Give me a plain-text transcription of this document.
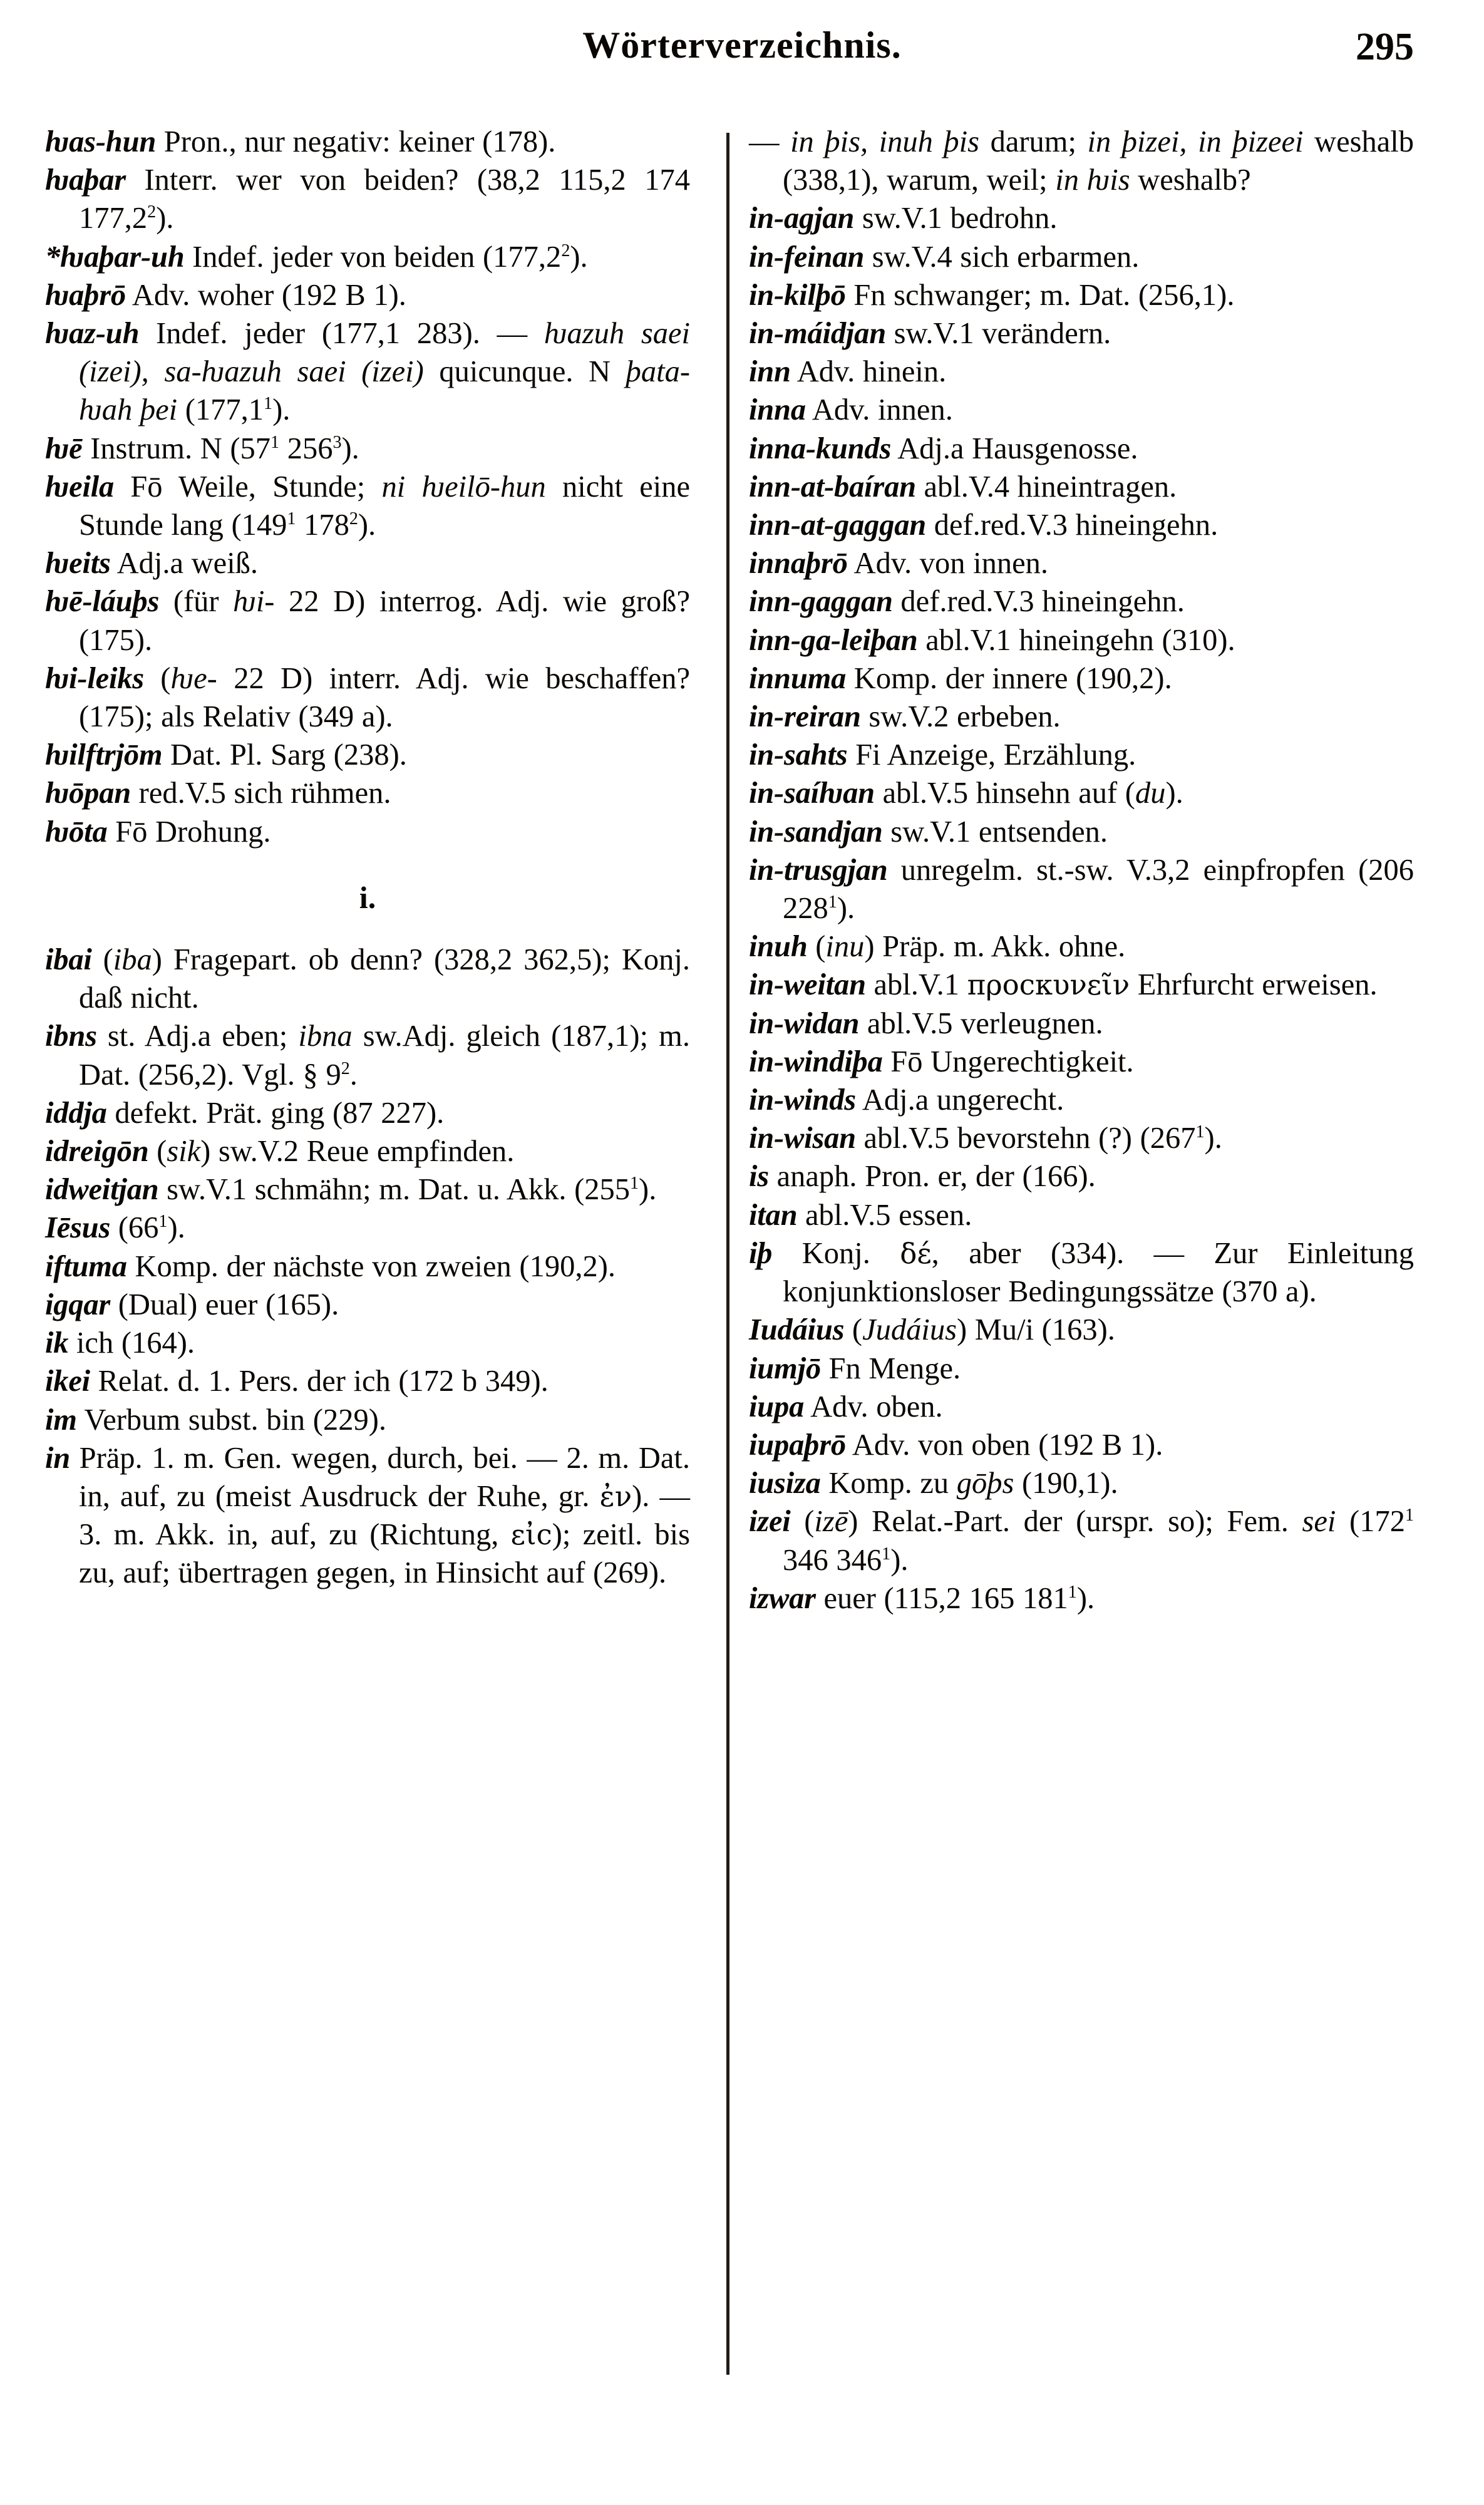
Wörterverzeichnis.	295

ƕas-hun Pron., nur negativ: keiner (178).

ƕaþar Interr. wer von beiden? (38,2 115,2 174 177,2$^2$).

*ƕaþar-uh Indef. jeder von beiden (177,2$^2$).

ƕaþrō Adv. woher (192 B 1).

ƕaz-uh Indef. jeder (177,1 283). — ƕazuh saei (izei), sa-ƕazuh saei (izei) quicunque. N þata-ƕah þei (177,1$^1$).

ƕē Instrum. N ($57^1$ $256^3$).

ƕeila Fō Weile, Stunde; ni ƕeilō-hun nicht eine Stunde lang ($149^1$ $178^2$).

ƕeits Adj.a weiß.

ƕē-láuþs (für ƕi- 22 D) interrog. Adj. wie groß? (175).

ƕi-leiks (ƕe- 22 D) interr. Adj. wie beschaffen? (175); als Relativ (349 a).

ƕilftrjōm Dat. Pl. Sarg (238).

ƕōpan red.V.5 sich rühmen.

ƕōta Fō Drohung.

i.

ibai (iba) Fragepart. ob denn? (328,2 362,5); Konj. daß nicht.

ibns st. Adj.a eben; ibna sw.Adj. gleich (187,1); m. Dat. (256,2). Vgl. § $9^2$.

iddja defekt. Prät. ging (87 227).

idreigōn (sik) sw.V.2 Reue empfinden.

idweitjan sw.V.1 schmähn; m. Dat. u. Akk. $(255^1)$.

Iēsus $(66^1)$.

iftuma Komp. der nächste von zweien (190,2).

igqar (Dual) euer (165).

ik ich (164).

ikei Relat. d. 1. Pers. der ich (172 b 349).

im Verbum subst. bin (229).

in Präp. 1. m. Gen. wegen, durch, bei. — 2. m. Dat. in, auf, zu (meist Ausdruck der Ruhe, gr. ἐν). — 3. m. Akk. in, auf, zu (Richtung, εἰc); zeitl. bis zu, auf; übertragen gegen, in Hinsicht auf (269).

— in þis, inuh þis darum; in þizei, in þizeei weshalb (338,1), warum, weil; in ƕis weshalb?

in-agjan sw.V.1 bedrohn.

in-feinan sw.V.4 sich erbarmen.

in-kilþō Fn schwanger; m. Dat. (256,1).

in-máidjan sw.V.1 verändern.

inn Adv. hinein.

inna Adv. innen.

inna-kunds Adj.a Hausgenosse.

inn-at-baíran abl.V.4 hineintragen.

inn-at-gaggan def.red.V.3 hineingehn.

innaþrō Adv. von innen.

inn-gaggan def.red.V.3 hineingehn.

inn-ga-leiþan abl.V.1 hineingehn (310).

innuma Komp. der innere (190,2).

in-reiran sw.V.2 erbeben.

in-sahts Fi Anzeige, Erzählung.

in-saíƕan abl.V.5 hinsehn auf (du).

in-sandjan sw.V.1 entsenden.

in-trusgjan unregelm. st.-sw. V.3,2 einpfropfen (206 $228^1$).

inuh (inu) Präp. m. Akk. ohne.

in-weitan abl.V.1 προcκυνεῖν Ehrfurcht erweisen.

in-widan abl.V.5 verleugnen.

in-windiþa Fō Ungerechtigkeit.

in-winds Adj.a ungerecht.

in-wisan abl.V.5 bevorstehn (?) $(267^1)$.

is anaph. Pron. er, der (166).

itan abl.V.5 essen.

iþ Konj. δέ, aber (334). — Zur Einleitung konjunktionsloser Bedingungssätze (370 a).

Iudáius (Judáius) Mu/i (163).

iumjō Fn Menge.

iupa Adv. oben.

iupaþrō Adv. von oben (192 B 1).

iusiza Komp. zu gōþs (190,1).

izei (izē) Relat.-Part. der (urspr. so); Fem. sei ($172^1$ 346 $346^1$).

izwar euer (115,2 165 $181^1$).
